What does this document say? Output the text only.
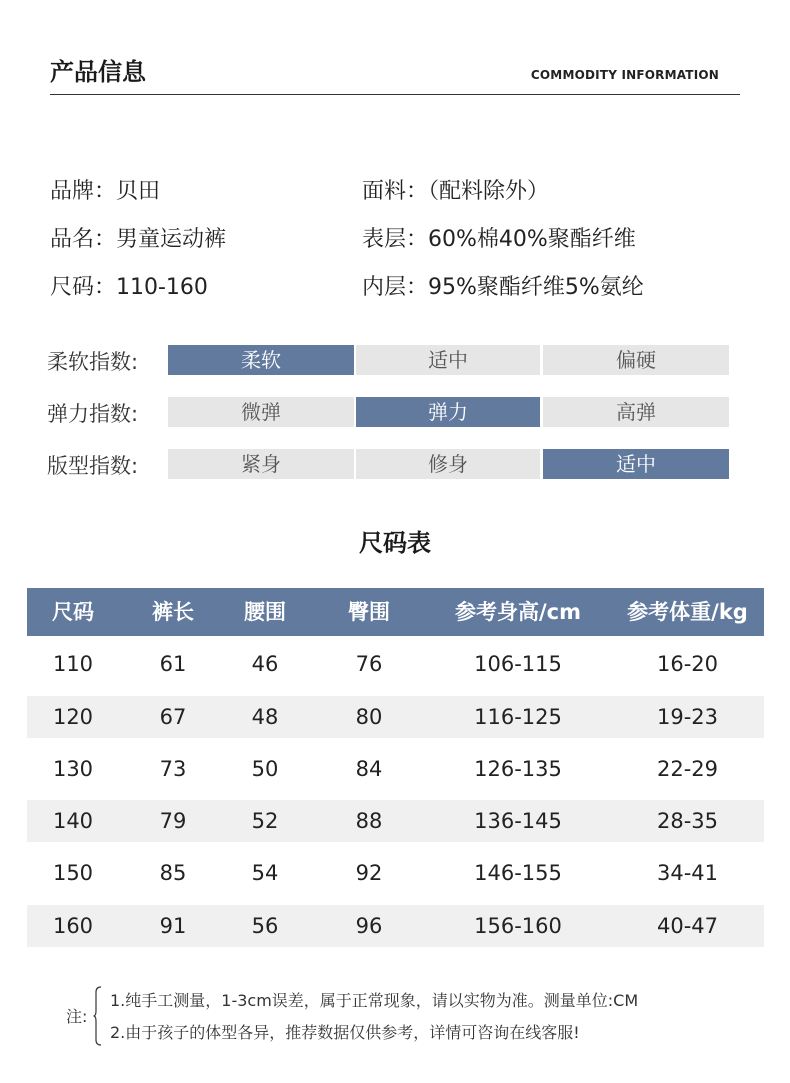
产品信息	COMMODITY INFORMATION
品牌：贝田
品名：男童运动裤
尺码：110-160
面料：（配料除外）
表层：60%棉40%聚酯纤维
内层：95%聚酯纤维5%氨纶
柔软指数:	柔软	适中	偏硬
弹力指数:	微弹	弹力	高弹
版型指数:	紧身	修身	适中
尺码表
尺码	裤长	腰围	臀围	参考身高/cm	参考体重/kg
110	61	46	76	106-115	16-20
120	67	48	80	116-125	19-23
130	73	50	84	126-135	22-29
140	79	52	88	136-145	28-35
150	85	54	92	146-155	34-41
160	91	56	96	156-160	40-47
注:
1.纯手工测量，1-3cm误差，属于正常现象，请以实物为准。测量单位:CM
2.由于孩子的体型各异，推荐数据仅供参考，详情可咨询在线客服!
